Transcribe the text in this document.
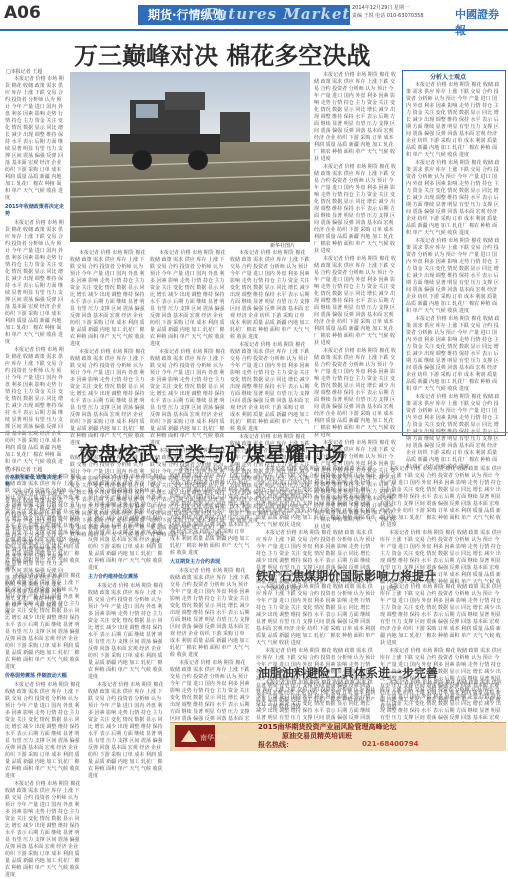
A06	期货·行情纵览
Futures Market 2014年12月29日 星期一
责编 王锐 电话 010-63070358	中國證券
万三巅峰对决 棉花多空决战
□本报记者 王超

本报记者 价格 市场 期货 棉花 收储 政策 需求 供应 库存 上涨 下跌 交易 合约 投资者 分析师 认为 预计 今年 产量 进口 国内 外盘 利多 因素 影响 走势 行情 持仓 主力 资金 关注 变化 情况 数据 显示 同比 增长 减少 出现 调整 维持 保持 水平 表示 后期 方面 继续 显著 明显 有望 压力 支撑 区间 震荡 偏强 反弹 回落 基本面 宏观 经济 企业 纺织 下游 采购 订单 成本 利润 质量 品质 新疆 内地 加工 轧花厂 棉农 种植 面积 单产 天气 气候 收获 进度

2015年收储政策将决定走势

本报记者 价格 市场 期货 棉花 收储 政策 需求 供应 库存 上涨 下跌 交易 合约 投资者 分析师 认为 预计 今年 产量 进口 国内 外盘 利多 因素 影响 走势 行情 持仓 主力 资金 关注 变化 情况 数据 显示 同比 增长 减少 出现 调整 维持 保持 水平 表示 后期 方面 继续 显著 明显 有望 压力 支撑 区间 震荡 偏强 反弹 回落 基本面 宏观 经济 企业 纺织 下游 采购 订单 成本 利润 质量 品质 新疆 内地 加工 轧花厂 棉农 种植 面积 单产 天气 气候 收获 进度

本报记者 价格 市场 期货 棉花 收储 政策 需求 供应 库存 上涨 下跌 交易 合约 投资者 分析师 认为 预计 今年 产量 进口 国内 外盘 利多 因素 影响 走势 行情 持仓 主力 资金 关注 变化 情况 数据 显示 同比 增长 减少 出现 调整 维持 保持 水平 表示 后期 方面 继续 显著 明显 有望 压力 支撑 区间 震荡 偏强 反弹 回落 基本面 宏观 经济 企业 纺织 下游 采购 订单 成本 利润 质量 品质 新疆 内地 加工 轧花厂 棉农 种植 面积 单产 天气 气候 收获 进度

价格跌至新低 政策决定走势

本报记者 价格 市场 期货 棉花 收储 政策 需求 供应 库存 上涨 下跌 交易 合约 投资者 分析师 认为 预计 今年 产量 进口 国内 外盘 利多 因素 影响 走势 行情 持仓 主力 资金 关注 变化 情况 数据 显示 同比 增长 减少 出现 调整 维持 保持 水平 表示 后期 方面 继续 显著 明显 有望 压力 支撑 区间 震荡 偏强 反弹 回落 基本面 宏观 经济 企业 纺织 下游 采购 订单 成本 利润 质量 品质 新疆 内地 加工 轧花厂 棉农 种植 面积 单产 天气 气候 收获 进度

新华社图片

本报记者 价格 市场 期货 棉花 收储 政策 需求 供应 库存 上涨 下跌 交易 合约 投资者 分析师 认为 预计 今年 产量 进口 国内 外盘 利多 因素 影响 走势 行情 持仓 主力 资金 关注 变化 情况 数据 显示 同比 增长 减少 出现 调整 维持 保持 水平 表示 后期 方面 继续 显著 明显 有望 压力 支撑 区间 震荡 偏强 反弹 回落 基本面 宏观 经济 企业 纺织 下游 采购 订单 成本 利润 质量 品质 新疆 内地 加工 轧花厂 棉农 种植 面积 单产 天气 气候 收获 进度

本报记者 价格 市场 期货 棉花 收储 政策 需求 供应 库存 上涨 下跌 交易 合约 投资者 分析师 认为 预计 今年 产量 进口 国内 外盘 利多 因素 影响 走势 行情 持仓 主力 资金 关注 变化 情况 数据 显示 同比 增长 减少 出现 调整 维持 保持 水平 表示 后期 方面 继续 显著 明显 有望 压力 支撑 区间 震荡 偏强 反弹 回落 基本面 宏观 经济 企业 纺织 下游 采购 订单 成本 利润 质量 品质 新疆 内地 加工 轧花厂 棉农 种植 面积 单产 天气 气候 收获 进度

本报记者 价格 市场 期货 棉花 收储 政策 需求 供应 库存 上涨 下跌 交易 合约 投资者 分析师 认为 预计 今年 产量 进口 国内 外盘 利多 因素 影响 走势 行情 持仓 主力 资金 关注 变化 情况 数据 显示 同比 增长 减少 出现 调整 维持 保持 水平 表示 后期 方面 继续 显著 明显 有望 压力 支撑 区间 震荡 偏强 反弹 回落 基本面 宏观 经济 企业 纺织 下游 采购 订单 成本 利润 质量 品质 新疆 内地 加工 轧花厂 棉农 种植 面积 单产 天气 气候 收获 进度

本报记者 价格 市场 期货 棉花 收储 政策 需求 供应 库存 上涨 下跌 交易 合约 投资者 分析师 认为 预计 今年 产量 进口 国内 外盘 利多 因素 影响 走势 行情 持仓 主力 资金 关注 变化 情况 数据 显示 同比 增长 减少 出现 调整 维持 保持 水平 表示 后期 方面 继续 显著 明显 有望 压力 支撑 区间 震荡 偏强 反弹 回落 基本面 宏观 经济 企业 纺织 下游 采购 订单 成本 利润 质量 品质 新疆 内地 加工 轧花厂 棉农 种植 面积 单产 天气 气候 收获 进度

本报记者 价格 市场 期货 棉花 收储 政策 需求 供应 库存 上涨 下跌 交易 合约 投资者 分析师 认为 预计 今年 产量 进口 国内 外盘 利多 因素 影响 走势 行情 持仓 主力 资金 关注 变化 情况 数据 显示 同比 增长 减少 出现 调整 维持 保持 水平 表示 后期 方面 继续 显著 明显 有望 压力 支撑 区间 震荡 偏强 反弹 回落 基本面 宏观 经济 企业 纺织 下游 采购 订单 成本 利润 质量 品质 新疆 内地 加工 轧花厂 棉农 种植 面积 单产 天气 气候 收获 进度

本报记者 价格 市场 期货 棉花 收储 政策 需求 供应 库存 上涨 下跌 交易 合约 投资者 分析师 认为 预计 今年 产量 进口 国内 外盘 利多 因素 影响 走势 行情 持仓 主力 资金 关注 变化 情况 数据 显示 同比 增长 减少 出现 调整 维持 保持 水平 表示 后期 方面 继续 显著 明显 有望 压力 支撑 区间 震荡 偏强 反弹 回落 基本面 宏观 经济 企业 纺织 下游 采购 订单 成本 利润 质量 品质 新疆 内地 加工 轧花厂 棉农 种植 面积 单产 天气 气候 收获 进度

本报记者 价格 市场 期货 棉花 收储 政策 需求 供应 库存 上涨 下跌 交易 合约 投资者 分析师 认为 预计 今年 产量 进口 国内 外盘 利多 因素 影响 走势 行情 持仓 主力 资金 关注 变化 情况 数据 显示 同比 增长 减少 出现 调整 维持 保持 水平 表示 后期 方面 继续 显著 明显 有望 压力 支撑 区间 震荡 偏强 反弹 回落 基本面 宏观 经济 企业 纺织 下游 采购 订单 成本 利润 质量 品质 新疆 内地 加工 轧花厂 棉农 种植 面积 单产 天气 气候 收获 进度

本报记者 价格 市场 期货 棉花 收储 政策 需求 供应 库存 上涨 下跌 交易 合约 投资者 分析师 认为 预计 今年 产量 进口 国内 外盘 利多 因素 影响 走势 行情 持仓 主力 资金 关注 变化 情况 数据 显示 同比 增长 减少 出现 调整 维持 保持 水平 表示 后期 方面 继续 显著 明显 有望 压力 支撑 区间 震荡 偏强 反弹 回落 基本面 宏观 经济 企业 纺织 下游 采购 订单 成本 利润 质量 品质 新疆 内地 加工 轧花厂 棉农 种植 面积 单产 天气 气候 收获 进度

本报记者 价格 市场 期货 棉花 收储 政策 需求 供应 库存 上涨 下跌 交易 合约 投资者 分析师 认为 预计 今年 产量 进口 国内 外盘 利多 因素 影响 走势 行情 持仓 主力 资金 关注 变化 情况 数据 显示 同比 增长 减少 出现 调整 维持 保持 水平 表示 后期 方面 继续 显著 明显 有望 压力 支撑 区间 震荡 偏强 反弹 回落 基本面 宏观 经济 企业 纺织 下游 采购 订单 成本 利润 质量 品质 新疆 内地 加工 轧花厂 棉农 种植 面积 单产 天气 气候 收获 进度

本报记者 价格 市场 期货 棉花 收储 政策 需求 供应 库存 上涨 下跌 交易 合约 投资者 分析师 认为 预计 今年 产量 进口 国内 外盘 利多 因素 影响 走势 行情 持仓 主力 资金 关注 变化 情况 数据 显示 同比 增长 减少 出现 调整 维持 保持 水平 表示 后期 方面 继续 显著 明显 有望 压力 支撑 区间 震荡 偏强 反弹 回落 基本面 宏观 经济 企业 纺织 下游 采购 订单 成本 利润 质量 品质 新疆 内地 加工 轧花厂 棉农 种植 面积 单产 天气 气候 收获 进度

本报记者 价格 市场 期货 棉花 收储 政策 需求 供应 库存 上涨 下跌 交易 合约 投资者 分析师 认为 预计 今年 产量 进口 国内 外盘 利多 因素 影响 走势 行情 持仓 主力 资金 关注 变化 情况 数据 显示 同比 增长 减少 出现 调整 维持 保持 水平 表示 后期 方面 继续 显著 明显 有望 压力 支撑 区间 震荡 偏强 反弹 回落 基本面 宏观 经济 企业 纺织 下游 采购 订单 成本 利润 质量 品质 新疆 内地 加工 轧花厂 棉农 种植 面积 单产 天气 气候 收获 进度

本报记者 价格 市场 期货 棉花 收储 政策 需求 供应 库存 上涨 下跌 交易 合约 投资者 分析师 认为 预计 今年 产量 进口 国内 外盘 利多 因素 影响 走势 行情 持仓 主力 资金 关注 变化 情况 数据 显示 同比 增长 减少 出现 调整 维持 保持 水平 表示 后期 方面 继续 显著 明显 有望 压力 支撑 区间 震荡 偏强 反弹 回落 基本面 宏观 经济 企业 纺织 下游 采购 订单 成本 利润 质量 品质 新疆 内地 加工 轧花厂 棉农 种植 面积 单产 天气 气候 收获 进度

本报记者 价格 市场 期货 棉花 收储 政策 需求 供应 库存 上涨 下跌 交易 合约 投资者 分析师 认为 预计 今年 产量 进口 国内 外盘 利多 因素 影响 走势 行情 持仓 主力 资金 关注 变化 情况 数据 显示 同比 增长 减少 出现 调整 维持 保持 水平 表示 后期 方面 继续 显著 明显 有望 压力 支撑 区间 震荡 偏强 反弹 回落 基本面 宏观 经济 企业 纺织 下游 采购 订单 成本 利润 质量 品质 新疆 内地 加工 轧花厂 棉农 种植 面积 单产 天气 气候 收获 进度

本报记者 价格 市场 期货 棉花 收储 政策 需求 供应 库存 上涨 下跌 交易 合约 投资者 分析师 认为 预计 今年 产量 进口 国内 外盘 利多 因素 影响 走势 行情 持仓 主力 资金 关注 变化 情况 数据 显示 同比 增长 减少 出现 调整 维持 保持 水平 表示 后期 方面 继续 显著 明显 有望 压力 支撑 区间 震荡 偏强 反弹 回落 基本面 宏观 经济 企业 纺织 下游 采购 订单 成本 利润 质量 品质 新疆 内地 加工 轧花厂 棉农 种植 面积 单产 天气 气候 收获 进度

分析人士观点

本报记者 价格 市场 期货 棉花 收储 政策 需求 供应 库存 上涨 下跌 交易 合约 投资者 分析师 认为 预计 今年 产量 进口 国内 外盘 利多 因素 影响 走势 行情 持仓 主力 资金 关注 变化 情况 数据 显示 同比 增长 减少 出现 调整 维持 保持 水平 表示 后期 方面 继续 显著 明显 有望 压力 支撑 区间 震荡 偏强 反弹 回落 基本面 宏观 经济 企业 纺织 下游 采购 订单 成本 利润 质量 品质 新疆 内地 加工 轧花厂 棉农 种植 面积 单产 天气 气候 收获 进度

本报记者 价格 市场 期货 棉花 收储 政策 需求 供应 库存 上涨 下跌 交易 合约 投资者 分析师 认为 预计 今年 产量 进口 国内 外盘 利多 因素 影响 走势 行情 持仓 主力 资金 关注 变化 情况 数据 显示 同比 增长 减少 出现 调整 维持 保持 水平 表示 后期 方面 继续 显著 明显 有望 压力 支撑 区间 震荡 偏强 反弹 回落 基本面 宏观 经济 企业 纺织 下游 采购 订单 成本 利润 质量 品质 新疆 内地 加工 轧花厂 棉农 种植 面积 单产 天气 气候 收获 进度

本报记者 价格 市场 期货 棉花 收储 政策 需求 供应 库存 上涨 下跌 交易 合约 投资者 分析师 认为 预计 今年 产量 进口 国内 外盘 利多 因素 影响 走势 行情 持仓 主力 资金 关注 变化 情况 数据 显示 同比 增长 减少 出现 调整 维持 保持 水平 表示 后期 方面 继续 显著 明显 有望 压力 支撑 区间 震荡 偏强 反弹 回落 基本面 宏观 经济 企业 纺织 下游 采购 订单 成本 利润 质量 品质 新疆 内地 加工 轧花厂 棉农 种植 面积 单产 天气 气候 收获 进度

本报记者 价格 市场 期货 棉花 收储 政策 需求 供应 库存 上涨 下跌 交易 合约 投资者 分析师 认为 预计 今年 产量 进口 国内 外盘 利多 因素 影响 走势 行情 持仓 主力 资金 关注 变化 情况 数据 显示 同比 增长 减少 出现 调整 维持 保持 水平 表示 后期 方面 继续 显著 明显 有望 压力 支撑 区间 震荡 偏强 反弹 回落 基本面 宏观 经济 企业 纺织 下游 采购 订单 成本 利润 质量 品质 新疆 内地 加工 轧花厂 棉农 种植 面积 单产 天气 气候 收获 进度

本报记者 价格 市场 期货 棉花 收储 政策 需求 供应 库存 上涨 下跌 交易 合约 投资者 分析师 认为 预计 今年 产量 进口 国内 外盘 利多 因素 影响 走势 行情 持仓 主力 资金 关注 变化 情况 数据 显示 同比 增长 减少 出现 调整 维持 保持 水平 表示 后期 方面 继续 显著 明显 有望 压力 支撑 区间 震荡 偏强 反弹 回落 基本面 宏观 经济 企业 纺织 下游 采购 订单 成本 利润 质量 品质 新疆 内地 加工 轧花厂 棉农 种植 面积 单产 天气 气候 收获 进度

夜盘炫武 豆类与矿煤星耀市场
□本报记者 王超

本报记者 价格 市场 期货 棉花 收储 政策 需求 供应 库存 上涨 下跌 交易 合约 投资者 分析师 认为 预计 今年 产量 进口 国内 外盘 利多 因素 影响 走势 行情 持仓 主力 资金 关注 变化 情况 数据 显示 同比 增长 减少 出现 调整 维持 保持 水平 表示 后期 方面 继续 显著 明显 有望 压力 支撑 区间 震荡 偏强 反弹 回落 基本面 宏观 经济 企业 纺织 下游 采购 订单 成本 利润 质量 品质 新疆 内地 加工 轧花厂 棉农 种植 面积 单产 天气 气候 收获 进度

本报记者 价格 市场 期货 棉花 收储 政策 需求 供应 库存 上涨 下跌 交易 合约 投资者 分析师 认为 预计 今年 产量 进口 国内 外盘 利多 因素 影响 走势 行情 持仓 主力 资金 关注 变化 情况 数据 显示 同比 增长 减少 出现 调整 维持 保持 水平 表示 后期 方面 继续 显著 明显 有望 压力 支撑 区间 震荡 偏强 反弹 回落 基本面 宏观 经济 企业 纺织 下游 采购 订单 成本 利润 质量 品质 新疆 内地 加工 轧花厂 棉农 种植 面积 单产 天气 气候 收获 进度

价格弱势震荡 伴随波动大幅

本报记者 价格 市场 期货 棉花 收储 政策 需求 供应 库存 上涨 下跌 交易 合约 投资者 分析师 认为 预计 今年 产量 进口 国内 外盘 利多 因素 影响 走势 行情 持仓 主力 资金 关注 变化 情况 数据 显示 同比 增长 减少 出现 调整 维持 保持 水平 表示 后期 方面 继续 显著 明显 有望 压力 支撑 区间 震荡 偏强 反弹 回落 基本面 宏观 经济 企业 纺织 下游 采购 订单 成本 利润 质量 品质 新疆 内地 加工 轧花厂 棉农 种植 面积 单产 天气 气候 收获 进度

本报记者 价格 市场 期货 棉花 收储 政策 需求 供应 库存 上涨 下跌 交易 合约 投资者 分析师 认为 预计 今年 产量 进口 国内 外盘 利多 因素 影响 走势 行情 持仓 主力 资金 关注 变化 情况 数据 显示 同比 增长 减少 出现 调整 维持 保持 水平 表示 后期 方面 继续 显著 明显 有望 压力 支撑 区间 震荡 偏强 反弹 回落 基本面 宏观 经济 企业 纺织 下游 采购 订单 成本 利润 质量 品质 新疆 内地 加工 轧花厂 棉农 种植 面积 单产 天气 气候 收获 进度

本报记者 价格 市场 期货 棉花 收储 政策 需求 供应 库存 上涨 下跌 交易 合约 投资者 分析师 认为 预计 今年 产量 进口 国内 外盘 利多 因素 影响 走势 行情 持仓 主力 资金 关注 变化 情况 数据 显示 同比 增长 减少 出现 调整 维持 保持 水平 表示 后期 方面 继续 显著 明显 有望 压力 支撑 区间 震荡 偏强 反弹 回落 基本面 宏观 经济 企业 纺织 下游 采购 订单 成本 利润 质量 品质 新疆 内地 加工 轧花厂 棉农 种植 面积 单产 天气 气候 收获 进度

主力合约维持低位震荡

本报记者 价格 市场 期货 棉花 收储 政策 需求 供应 库存 上涨 下跌 交易 合约 投资者 分析师 认为 预计 今年 产量 进口 国内 外盘 利多 因素 影响 走势 行情 持仓 主力 资金 关注 变化 情况 数据 显示 同比 增长 减少 出现 调整 维持 保持 水平 表示 后期 方面 继续 显著 明显 有望 压力 支撑 区间 震荡 偏强 反弹 回落 基本面 宏观 经济 企业 纺织 下游 采购 订单 成本 利润 质量 品质 新疆 内地 加工 轧花厂 棉农 种植 面积 单产 天气 气候 收获 进度

本报记者 价格 市场 期货 棉花 收储 政策 需求 供应 库存 上涨 下跌 交易 合约 投资者 分析师 认为 预计 今年 产量 进口 国内 外盘 利多 因素 影响 走势 行情 持仓 主力 资金 关注 变化 情况 数据 显示 同比 增长 减少 出现 调整 维持 保持 水平 表示 后期 方面 继续 显著 明显 有望 压力 支撑 区间 震荡 偏强 反弹 回落 基本面 宏观 经济 企业 纺织 下游 采购 订单 成本 利润 质量 品质 新疆 内地 加工 轧花厂 棉农 种植 面积 单产 天气 气候 收获 进度

本报记者 价格 市场 期货 棉花 收储 政策 需求 供应 库存 上涨 下跌 交易 合约 投资者 分析师 认为 预计 今年 产量 进口 国内 外盘 利多 因素 影响 走势 行情 持仓 主力 资金 关注 变化 情况 数据 显示 同比 增长 减少 出现 调整 维持 保持 水平 表示 后期 方面 继续 显著 明显 有望 压力 支撑 区间 震荡 偏强 反弹 回落 基本面 宏观 经济 企业 纺织 下游 采购 订单 成本 利润 质量 品质 新疆 内地 加工 轧花厂 棉农 种植 面积 单产 天气 气候 收获 进度

大豆期货主力合约表现

本报记者 价格 市场 期货 棉花 收储 政策 需求 供应 库存 上涨 下跌 交易 合约 投资者 分析师 认为 预计 今年 产量 进口 国内 外盘 利多 因素 影响 走势 行情 持仓 主力 资金 关注 变化 情况 数据 显示 同比 增长 减少 出现 调整 维持 保持 水平 表示 后期 方面 继续 显著 明显 有望 压力 支撑 区间 震荡 偏强 反弹 回落 基本面 宏观 经济 企业 纺织 下游 采购 订单 成本 利润 质量 品质 新疆 内地 加工 轧花厂 棉农 种植 面积 单产 天气 气候 收获 进度

本报记者 价格 市场 期货 棉花 收储 政策 需求 供应 库存 上涨 下跌 交易 合约 投资者 分析师 认为 预计 今年 产量 进口 国内 外盘 利多 因素 影响 走势 行情 持仓 主力 资金 关注 变化 情况 数据 显示 同比 增长 减少 出现 调整 维持 保持 水平 表示 后期 方面 继续 显著 明显 有望 压力 支撑 区间 震荡 偏强 反弹 回落 基本面 宏观 经济 企业 纺织 下游 采购 订单 成本 利润 质量 品质 新疆 内地 加工 轧花厂 棉农 种植 面积 单产 天气 气候 收获 进度

本报记者 价格 市场 期货 棉花 收储 政策 需求 供应 库存 上涨 下跌 交易 合约 投资者 分析师 认为 预计 今年 产量 进口 国内 外盘 利多 因素 影响 走势 行情 持仓 主力 资金 关注 变化 情况 数据 显示 同比 增长 减少 出现 调整 维持 保持 水平 表示 后期 方面 继续 显著 明显 有望 压力 支撑 区间 震荡 偏强 反弹 回落 基本面 宏观 经济 企业 纺织 下游 采购 订单 成本 利润 质量 品质 新疆 内地 加工 轧花厂 棉农 种植 面积 单产 天气 气候 收获 进度

本报记者 价格 市场 期货 棉花 收储 政策 需求 供应 库存 上涨 下跌 交易 合约 投资者 分析师 认为 预计 今年 产量 进口 国内 外盘 利多 因素 影响 走势 行情 持仓 主力 资金 关注 变化 情况 数据 显示 同比 增长 减少 出现 调整 维持 保持 水平 表示 后期 方面 继续 显著 明显 有望 压力 支撑 区间 震荡 偏强 反弹 回落 基本面 宏观 经济 企业 纺织 下游 采购 订单 成本 利润 质量 品质 新疆 内地 加工 轧花厂 棉农 种植 面积 单产 天气 气候 收获 进度

本报记者 价格 市场 期货 棉花 收储 政策 需求 供应 库存 上涨 下跌 交易 合约 投资者 分析师 认为 预计 今年 产量 进口 国内 外盘 利多 因素 影响 走势 行情 持仓 主力 资金 关注 变化 情况 数据 显示 同比 增长 减少 出现 调整 维持 保持 水平 表示 后期 方面 继续 显著 明显 有望 压力 支撑 区间 震荡 偏强 反弹 回落 基本面 宏观 经济 企业 纺织 下游 采购 订单 成本 利润 质量 品质 新疆 内地 加工 轧花厂 棉农 种植 面积 单产 天气 气候 收获 进度

本报记者 价格 市场 期货 棉花 收储 政策 需求 供应 库存 上涨 下跌 交易 合约 投资者 分析师 认为 预计 今年 产量 进口 国内 外盘 利多 因素 影响 走势 行情 持仓 主力 资金 关注 变化 情况 数据 显示 同比 增长 减少 出现 调整 维持 保持 水平 表示 后期 方面 继续 显著 明显 有望 压力 支撑 区间 震荡 偏强 反弹 回落 基本面 宏观 经济 企业 纺织 下游 采购 订单 成本 利润 质量 品质 新疆 内地 加工 轧花厂 棉农 种植 面积 单产 天气 气候 收获 进度

铁矿石焦煤期价国际影响力将提升

本报记者 价格 市场 期货 棉花 收储 政策 需求 供应 库存 上涨 下跌 交易 合约 投资者 分析师 认为 预计 今年 产量 进口 国内 外盘 利多 因素 影响 走势 行情 持仓 主力 资金 关注 变化 情况 数据 显示 同比 增长 减少 出现 调整 维持 保持 水平 表示 后期 方面 继续 显著 明显 有望 压力 支撑 区间 震荡 偏强 反弹 回落 基本面 宏观 经济 企业 纺织 下游 采购 订单 成本 利润 质量 品质 新疆 内地 加工 轧花厂 棉农 种植 面积 单产 天气 气候 收获 进度

本报记者 价格 市场 期货 棉花 收储 政策 需求 供应 库存 上涨 下跌 交易 合约 投资者 分析师 认为 预计 今年 产量 进口 国内 外盘 利多 因素 影响 走势 行情 持仓 主力 资金 关注 变化 情况 数据 显示 同比 增长 减少 出现 调整 维持 保持 水平 表示 后期 方面 继续 显著 明显 有望 压力 支撑 区间 震荡 偏强 反弹 回落 基本面 宏观 经济 企业 纺织 下游 采购 订单 成本 利润 质量 品质 新疆 内地 加工 轧花厂 棉农 种植 面积 单产 天气 气候 收获 进度

本报记者 价格 市场 期货 棉花 收储 政策 需求 供应 库存 上涨 下跌 交易 合约 投资者 分析师 认为 预计 今年 产量 进口 国内 外盘 利多 因素 影响 走势 行情 持仓 主力 资金 关注 变化 情况 数据 显示 同比 增长 减少 出现 调整 维持 保持 水平 表示 后期 方面 继续 显著 明显 有望 压力 支撑 区间 震荡 偏强 反弹 回落 基本面 宏观 经济 企业 纺织 下游 采购 订单 成本 利润 质量 品质 新疆 内地 加工 轧花厂 棉农 种植 面积 单产 天气 气候 收获 进度

本报记者 价格 市场 期货 棉花 收储 政策 需求 供应 库存 上涨 下跌 交易 合约 投资者 分析师 认为 预计 今年 产量 进口 国内 外盘 利多 因素 影响 走势 行情 持仓 主力 资金 关注 变化 情况 数据 显示 同比 增长 减少 出现 调整 维持 保持 水平 表示 后期 方面 继续 显著 明显 有望 压力 支撑 区间 震荡 偏强 反弹 回落 基本面 宏观 经济 企业 纺织 下游 采购 订单 成本 利润 质量 品质 新疆 内地 加工 轧花厂 棉农 种植 面积 单产 天气 气候 收获 进度

油脂油料避险工具体系进一步完善

本报记者 价格 市场 期货 棉花 收储 政策 需求 供应 库存 上涨 下跌 交易 合约 投资者 分析师 认为 预计 今年 产量 进口 国内 外盘 利多 因素 影响 走势 行情 持仓 主力 资金 关注 变化 情况 数据 显示 同比 增长 减少 出现 调整 维持 保持 水平 表示 后期 方面 继续 显著 明显 有望 压力 支撑 区间 震荡 偏强 反弹 回落 基本面 宏观 经济 企业 纺织 下游 采购 订单 成本 利润 质量 品质 新疆 内地 加工 轧花厂 棉农 种植 面积 单产 天气 气候 收获 进度

本报记者 价格 市场 期货 棉花 收储 政策 需求 供应 库存 上涨 下跌 交易 合约 投资者 分析师 认为 预计 今年 产量 进口 国内 外盘 利多 因素 影响 走势 行情 持仓 主力 资金 关注 变化 情况 数据 显示 同比 增长 减少 出现 调整 维持 保持 水平 表示 后期 方面 继续 显著 明显 有望 压力 支撑 区间 震荡 偏强 反弹 回落 基本面 宏观 经济 企业 纺织 下游 采购 订单 成本 利润 质量 品质 新疆 内地 加工 轧花厂 棉农 种植 面积 单产 天气 气候 收获 进度

南华期货
2015南华期货投资产业届风险管理高峰论坛
原油交易员精英培训班
报名热线：	021-68400794
